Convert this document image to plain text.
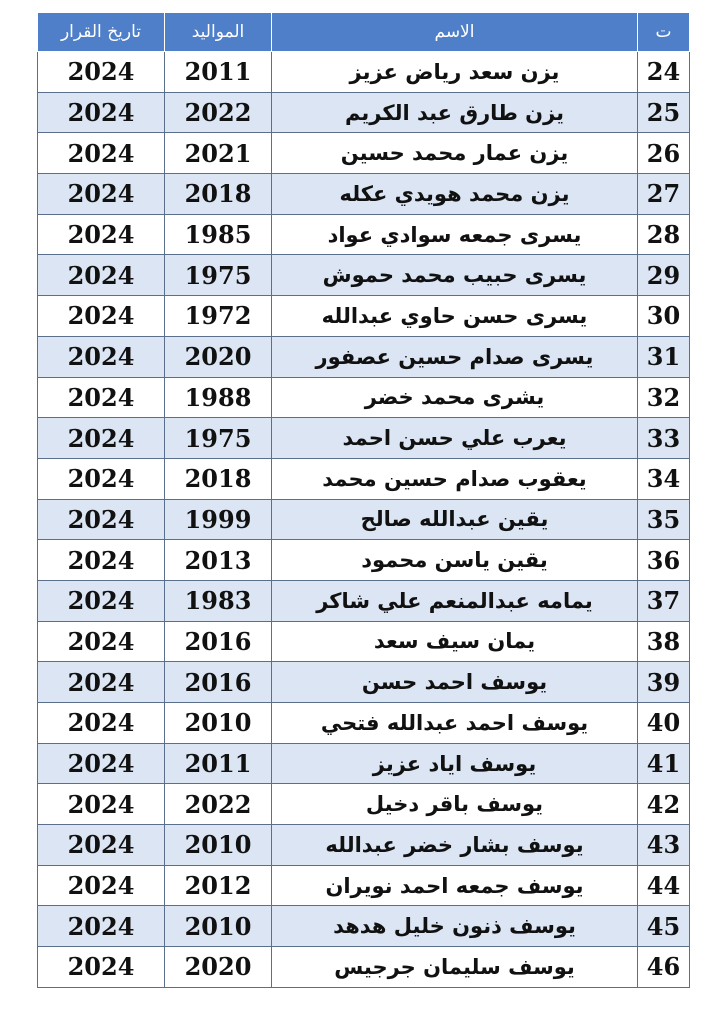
ت	الاسم	المواليد	تاريخ القرار
24	يزن سعد رياض عزيز	2011	2024
25	يزن طارق عبد الكريم	2022	2024
26	يزن عمار محمد حسين	2021	2024
27	يزن محمد هويدي عكله	2018	2024
28	يسرى جمعه سوادي عواد	1985	2024
29	يسرى حبيب محمد حموش	1975	2024
30	يسرى حسن حاوي عبدالله	1972	2024
31	يسرى صدام حسين عصفور	2020	2024
32	يشرى محمد خضر	1988	2024
33	يعرب علي حسن احمد	1975	2024
34	يعقوب صدام حسين محمد	2018	2024
35	يقين عبدالله صالح	1999	2024
36	يقين ياسن محمود	2013	2024
37	يمامه عبدالمنعم علي شاكر	1983	2024
38	يمان سيف سعد	2016	2024
39	يوسف احمد حسن	2016	2024
40	يوسف احمد عبدالله فتحي	2010	2024
41	يوسف اياد عزيز	2011	2024
42	يوسف باقر دخيل	2022	2024
43	يوسف بشار خضر عبدالله	2010	2024
44	يوسف جمعه احمد نويران	2012	2024
45	يوسف ذنون خليل هدهد	2010	2024
46	يوسف سليمان جرجيس	2020	2024
